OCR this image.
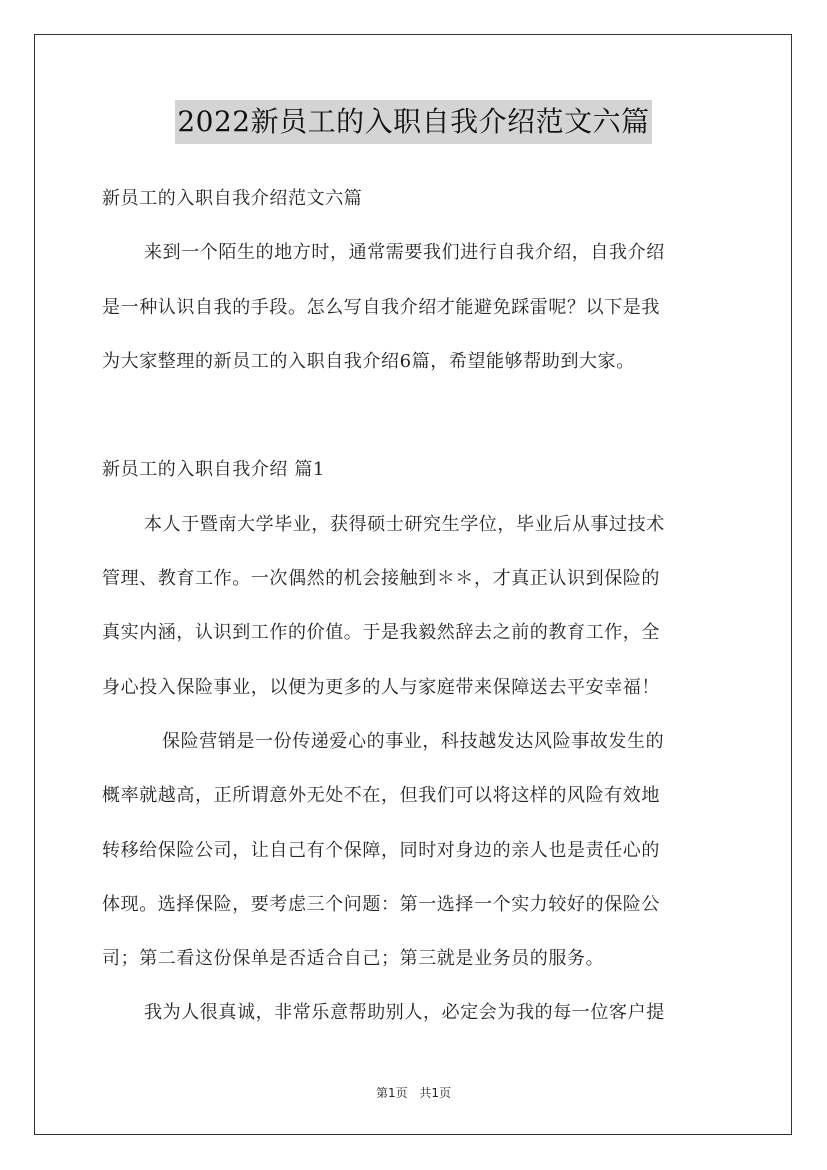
2022新员工的入职自我介绍范文六篇
新员工的入职自我介绍范文六篇
来到一个陌生的地方时，通常需要我们进行自我介绍，自我介绍
是一种认识自我的手段。怎么写自我介绍才能避免踩雷呢？以下是我
为大家整理的新员工的入职自我介绍6篇，希望能够帮助到大家。
新员工的入职自我介绍 篇1
本人于暨南大学毕业，获得硕士研究生学位，毕业后从事过技术
管理、教育工作。一次偶然的机会接触到＊＊，才真正认识到保险的
真实内涵，认识到工作的价值。于是我毅然辞去之前的教育工作，全
身心投入保险事业，以便为更多的人与家庭带来保障送去平安幸福！
保险营销是一份传递爱心的事业，科技越发达风险事故发生的
概率就越高，正所谓意外无处不在，但我们可以将这样的风险有效地
转移给保险公司，让自己有个保障，同时对身边的亲人也是责任心的
体现。选择保险，要考虑三个问题：第一选择一个实力较好的保险公
司；第二看这份保单是否适合自己；第三就是业务员的服务。
我为人很真诚，非常乐意帮助别人，必定会为我的每一位客户提
第1页 共1页
